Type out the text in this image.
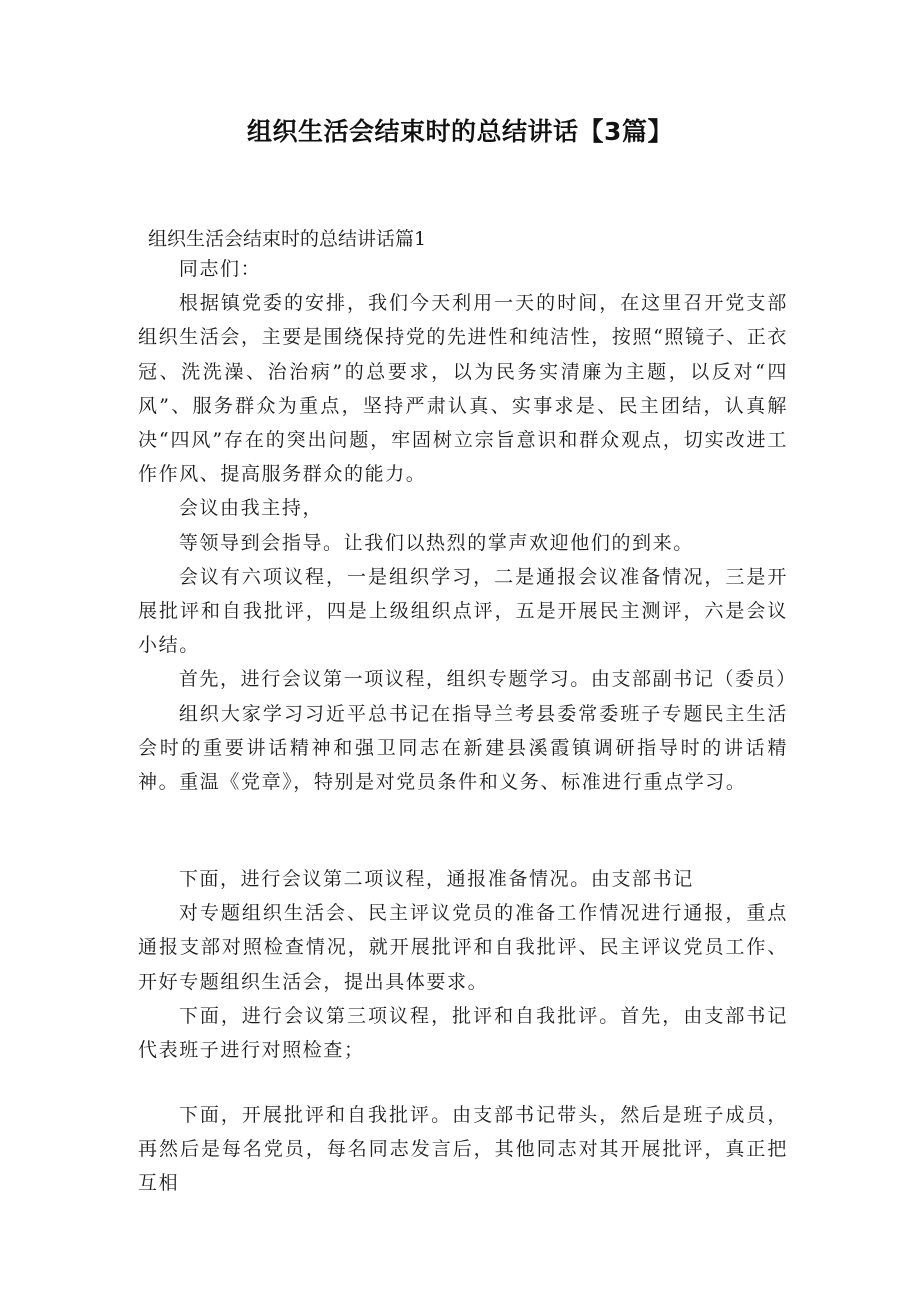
组织生活会结束时的总结讲话【3篇】
组织生活会结束时的总结讲话篇1

同志们：

根据镇党委的安排，我们今天利用一天的时间，在这里召开党支部组织生活会，主要是围绕保持党的先进性和纯洁性，按照“照镜子、正衣冠、洗洗澡、治治病”的总要求，以为民务实清廉为主题，以反对“四风”、服务群众为重点，坚持严肃认真、实事求是、民主团结，认真解决“四风”存在的突出问题，牢固树立宗旨意识和群众观点，切实改进工作作风、提高服务群众的能力。

会议由我主持，

等领导到会指导。让我们以热烈的掌声欢迎他们的到来。

会议有六项议程，一是组织学习，二是通报会议准备情况，三是开展批评和自我批评，四是上级组织点评，五是开展民主测评，六是会议小结。

首先，进行会议第一项议程，组织专题学习。由支部副书记（委员）

组织大家学习习近平总书记在指导兰考县委常委班子专题民主生活会时的重要讲话精神和强卫同志在新建县溪霞镇调研指导时的讲话精神。重温《党章》，特别是对党员条件和义务、标准进行重点学习。

下面，进行会议第二项议程，通报准备情况。由支部书记

对专题组织生活会、民主评议党员的准备工作情况进行通报，重点通报支部对照检查情况，就开展批评和自我批评、民主评议党员工作、开好专题组织生活会，提出具体要求。

下面，进行会议第三项议程，批评和自我批评。首先，由支部书记代表班子进行对照检查；

下面，开展批评和自我批评。由支部书记带头，然后是班子成员，再然后是每名党员，每名同志发言后，其他同志对其开展批评，真正把互相
